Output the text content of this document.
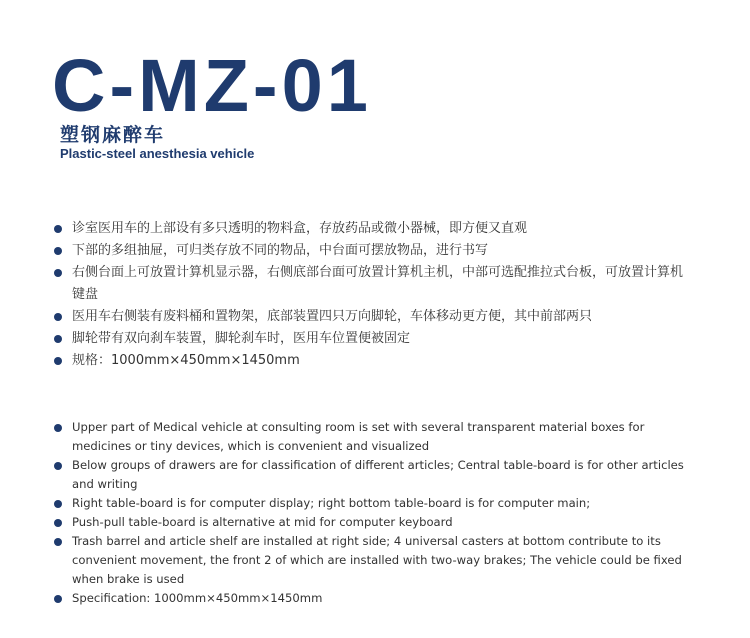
C-MZ-01
塑钢麻醉车
Plastic-steel anesthesia vehicle
诊室医用车的上部设有多只透明的物料盒，存放药品或微小器械，即方便又直观
下部的多组抽屉，可归类存放不同的物品，中台面可摆放物品，进行书写
右侧台面上可放置计算机显示器，右侧底部台面可放置计算机主机，中部可选配推拉式台板，可放置计算机键盘
医用车右侧装有废料桶和置物架，底部装置四只万向脚轮，车体移动更方便，其中前部两只
脚轮带有双向刹车装置，脚轮刹车时，医用车位置便被固定
规格：1000mm×450mm×1450mm
Upper part of Medical vehicle at consulting room is set with several transparent material boxes for medicines or tiny devices, which is convenient and visualized
Below groups of drawers are for classification of different articles; Central table-board is for other articles and writing
Right table-board is for computer display; right bottom table-board is for computer main;
Push-pull table-board is alternative at mid for computer keyboard
Trash barrel and article shelf are installed at right side; 4 universal casters at bottom contribute to its convenient movement, the front 2 of which are installed with two-way brakes; The vehicle could be fixed when brake is used
Specification: 1000mm×450mm×1450mm
